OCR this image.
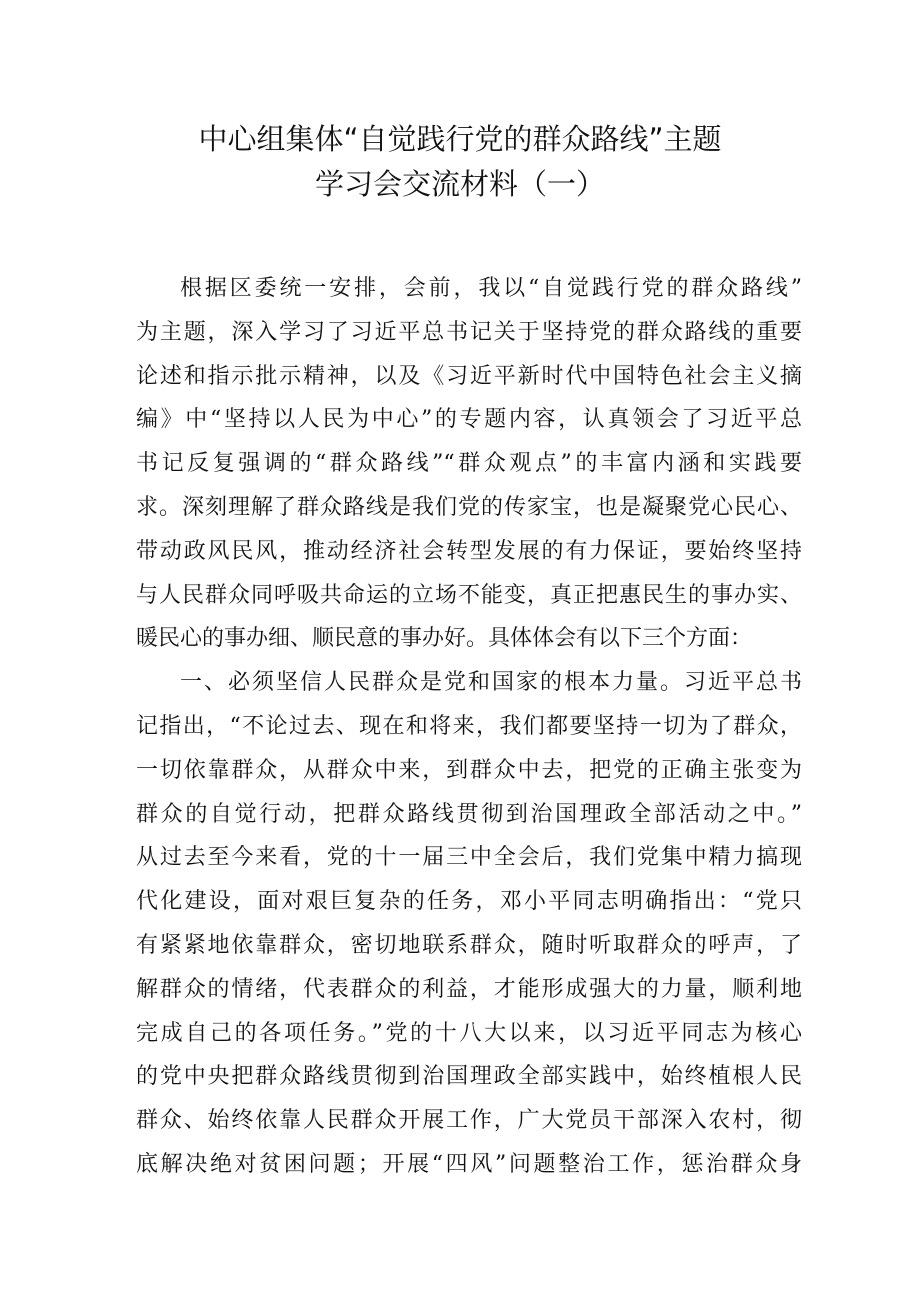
中心组集体“自觉践行党的群众路线”主题
学习会交流材料（一）
根据区委统一安排，会前，我以“自觉践行党的群众路线”
为主题，深入学习了习近平总书记关于坚持党的群众路线的重要
论述和指示批示精神，以及《习近平新时代中国特色社会主义摘
编》中“坚持以人民为中心”的专题内容，认真领会了习近平总
书记反复强调的“群众路线”“群众观点”的丰富内涵和实践要
求。深刻理解了群众路线是我们党的传家宝，也是凝聚党心民心、
带动政风民风，推动经济社会转型发展的有力保证，要始终坚持
与人民群众同呼吸共命运的立场不能变，真正把惠民生的事办实、
暖民心的事办细、顺民意的事办好。具体体会有以下三个方面：
一、必须坚信人民群众是党和国家的根本力量。习近平总书
记指出，“不论过去、现在和将来，我们都要坚持一切为了群众，
一切依靠群众，从群众中来，到群众中去，把党的正确主张变为
群众的自觉行动，把群众路线贯彻到治国理政全部活动之中。”
从过去至今来看，党的十一届三中全会后，我们党集中精力搞现
代化建设，面对艰巨复杂的任务，邓小平同志明确指出：“党只
有紧紧地依靠群众，密切地联系群众，随时听取群众的呼声，了
解群众的情绪，代表群众的利益，才能形成强大的力量，顺利地
完成自己的各项任务。”党的十八大以来，以习近平同志为核心
的党中央把群众路线贯彻到治国理政全部实践中，始终植根人民
群众、始终依靠人民群众开展工作，广大党员干部深入农村，彻
底解决绝对贫困问题；开展“四风”问题整治工作，惩治群众身
